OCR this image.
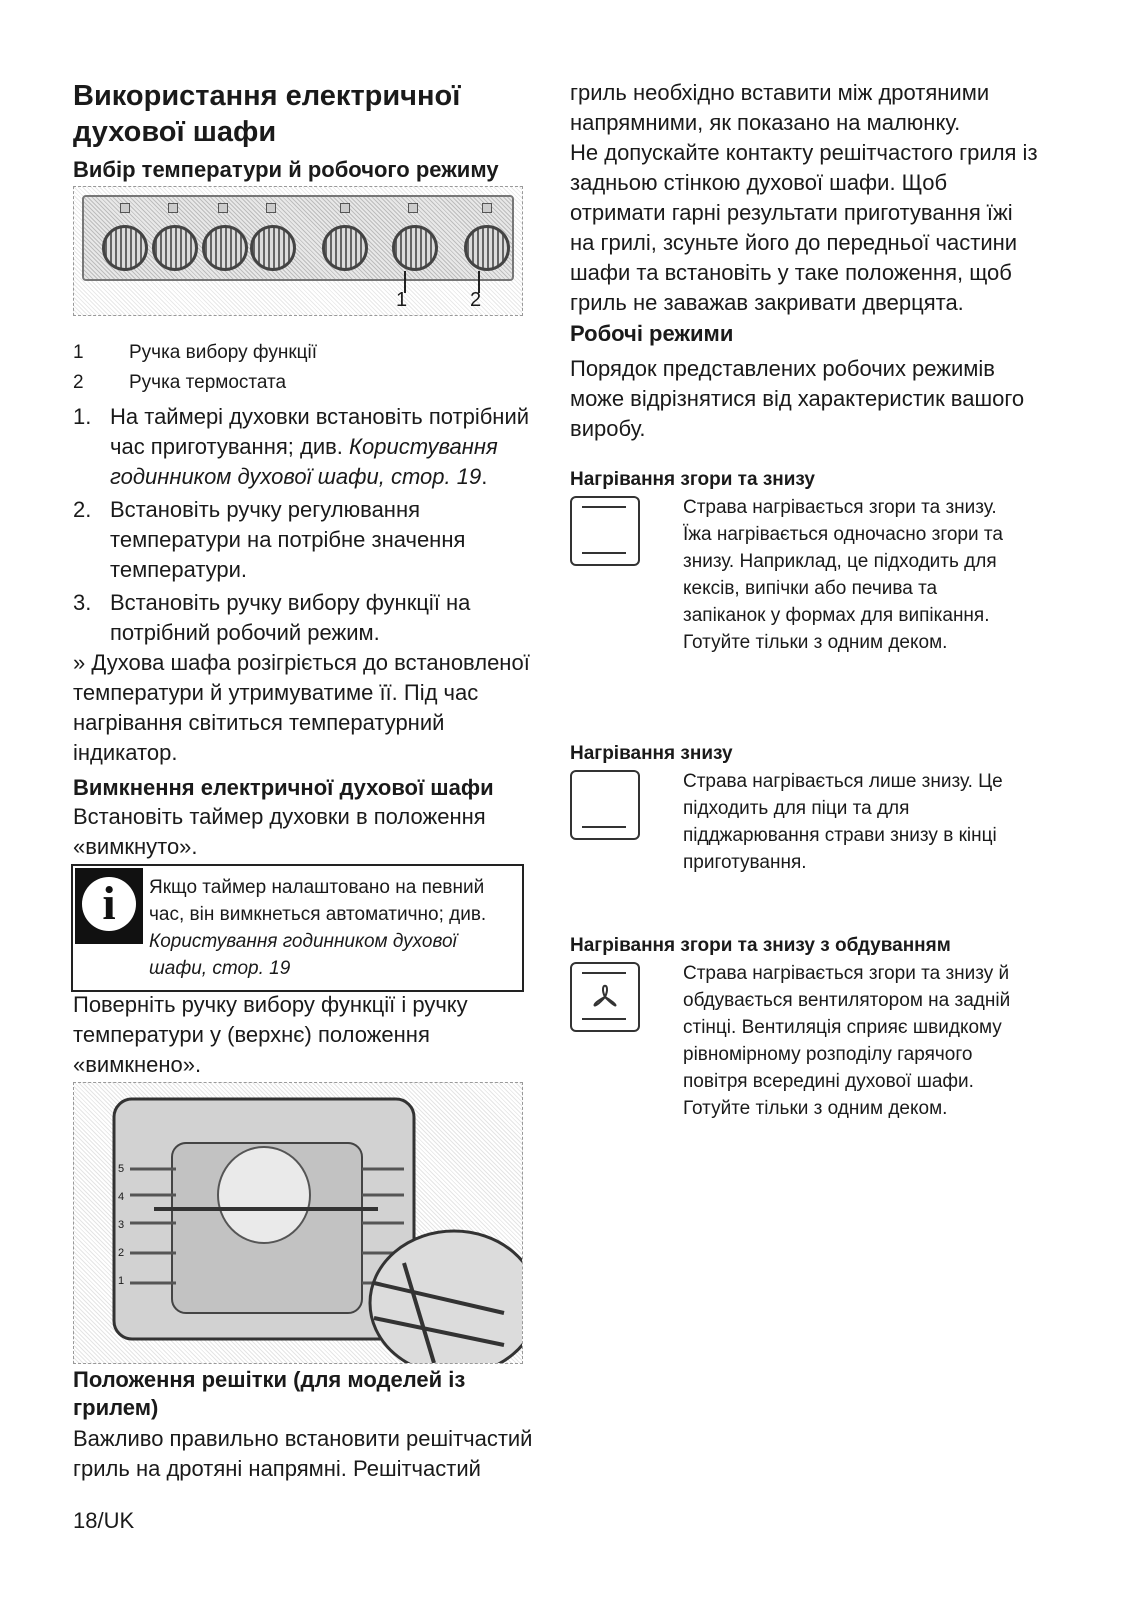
Використання електричної духової шафи
Вибір температури й робочого режиму
1	2
1 Ручка вибору функції
2 Ручка термостата
1. На таймері духовки встановіть потрібний час приготування; див. Користування годинником духової шафи, стор. 19.
2. Встановіть ручку регулювання температури на потрібне значення температури.
3. Встановіть ручку вибору функції на потрібний робочий режим.

» Духова шафа розігріється до встановленої температури й утримуватиме її. Під час нагрівання світиться температурний індикатор.

Вимкнення електричної духової шафи

Встановіть таймер духовки в положення «вимкнуто».

i	Якщо таймер налаштовано на певний час, він вимкнеться автоматично; див. Користування годинником духової шафи, стор. 19

Поверніть ручку вибору функції і ручку температури у (верхнє) положення «вимкнено».

5
4
3
2
1
Положення решітки (для моделей із грилем)

Важливо правильно встановити решітчастий гриль на дротяні напрямні. Решітчастий

18/UK

гриль необхідно вставити між дротяними напрямними, як показано на малюнку.

Не допускайте контакту решітчастого гриля із задньою стінкою духової шафи. Щоб отримати гарні результати приготування їжі на грилі, зсуньте його до передньої частини шафи та встановіть у таке положення, щоб гриль не заважав закривати дверцята.

Робочі режими

Порядок представлених робочих режимів може відрізнятися від характеристик вашого виробу.

Нагрівання згори та знизу

Страва нагрівається згори та знизу. Їжа нагрівається одночасно згори та знизу. Наприклад, це підходить для кексів, випічки або печива та запіканок у формах для випікання. Готуйте тільки з одним деком.

Нагрівання знизу

Страва нагрівається лише знизу. Це підходить для піци та для підджарювання страви знизу в кінці приготування.

Нагрівання згори та знизу з обдуванням

Страва нагрівається згори та знизу й обдувається вентилятором на задній стінці. Вентиляція сприяє швидкому рівномірному розподілу гарячого повітря всередині духової шафи. Готуйте тільки з одним деком.
